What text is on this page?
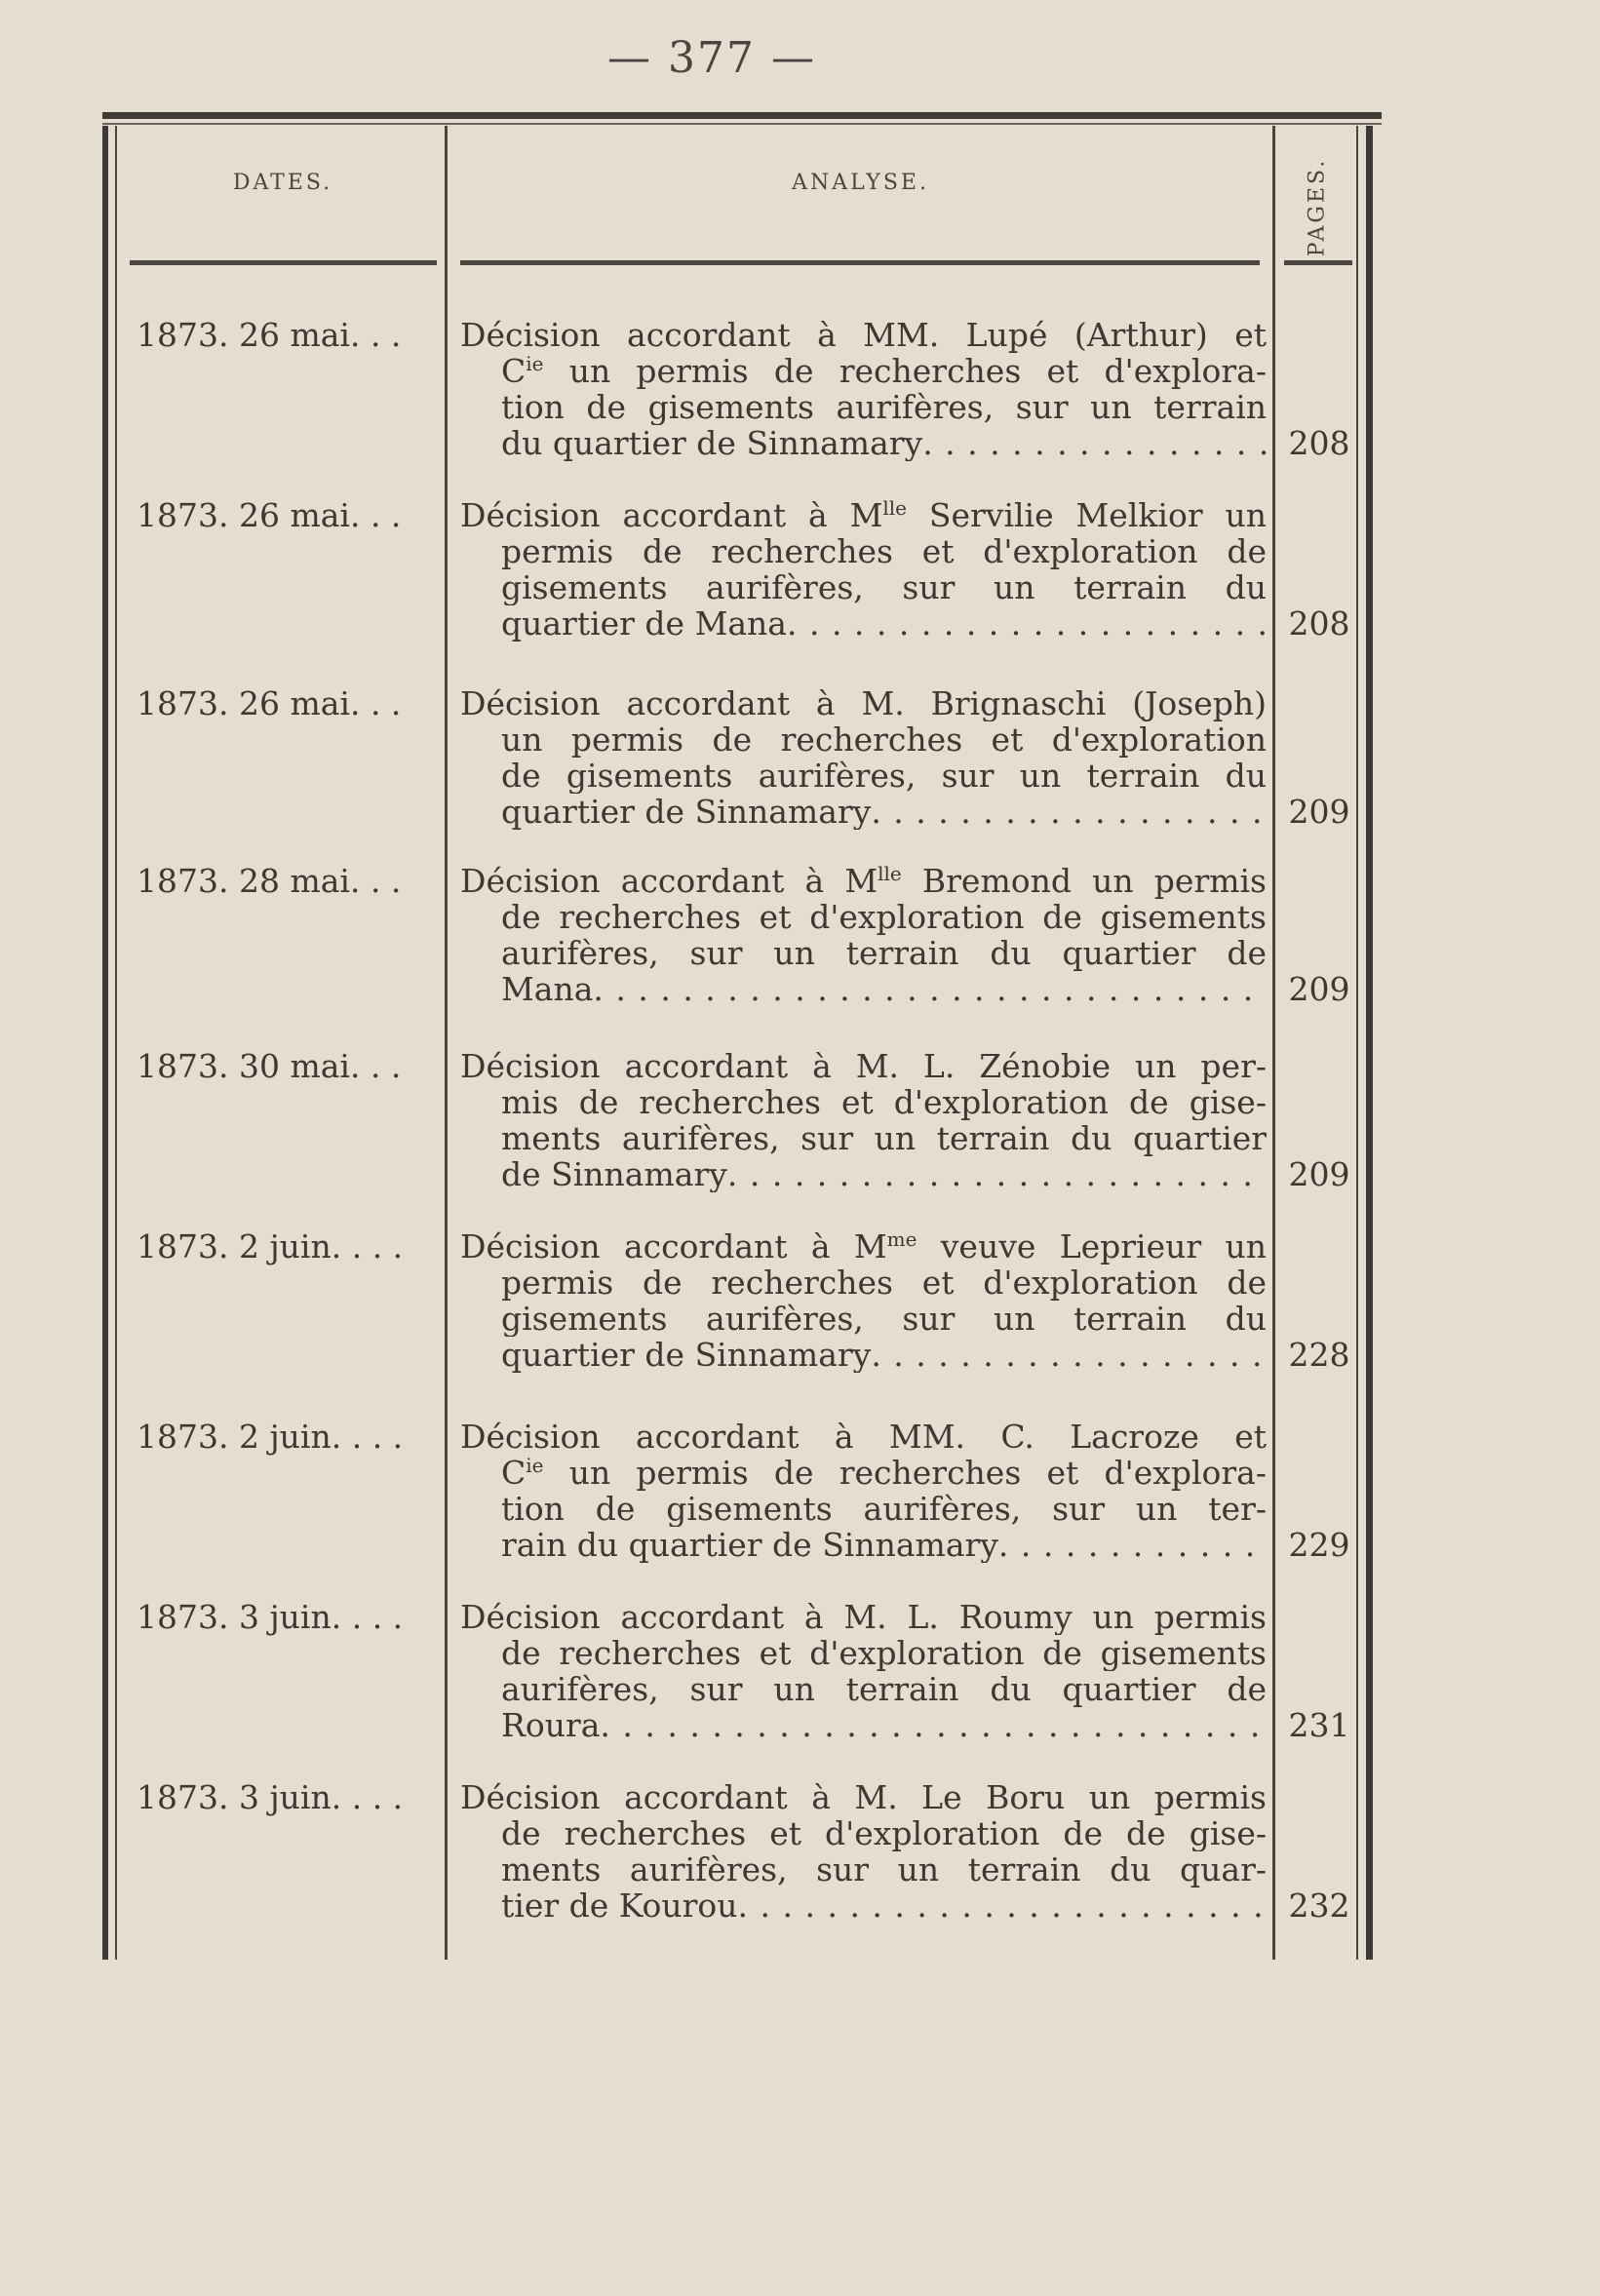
— 377 —
DATES.	ANALYSE.	PAGES.
1873. 26 mai. . .	Décision accordant à MM. Lupé (Arthur) et
$C^{ie}$ un permis de recherches et d'explora-
tion de gisements aurifères, sur un terrain
du quartier de Sinnamary . . .	208
1873. 26 mai. . .	Décision accordant à $M^{lle}$ Servilie Melkior un
permis de recherches et d'exploration de
gisements aurifères, sur un terrain du
quartier de Mana . . .	208
1873. 26 mai. . .	Décision accordant à M. Brignaschi (Joseph)
un permis de recherches et d'exploration
de gisements aurifères, sur un terrain du
quartier de Sinnamary . . .	209
1873. 28 mai. . .	Décision accordant à $M^{lle}$ Bremond un permis
de recherches et d'exploration de gisements
aurifères, sur un terrain du quartier de
Mana . . .	209
1873. 30 mai. . .	Décision accordant à M. L. Zénobie un per-
mis de recherches et d'exploration de gise-
ments aurifères, sur un terrain du quartier
de Sinnamary . . .	209
1873. 2 juin. . . .	Décision accordant à $M^{me}$ veuve Leprieur un
permis de recherches et d'exploration de
gisements aurifères, sur un terrain du
quartier de Sinnamary . . .	228
1873. 2 juin. . . .	Décision accordant à MM. C. Lacroze et
$C^{ie}$ un permis de recherches et d'explora-
tion de gisements aurifères, sur un ter-
rain du quartier de Sinnamary . . .	229
1873. 3 juin. . . .	Décision accordant à M. L. Roumy un permis
de recherches et d'exploration de gisements
aurifères, sur un terrain du quartier de
Roura . . .	231
1873. 3 juin. . . .	Décision accordant à M. Le Boru un permis
de recherches et d'exploration de de gise-
ments aurifères, sur un terrain du quar-
tier de Kourou . . .	232
